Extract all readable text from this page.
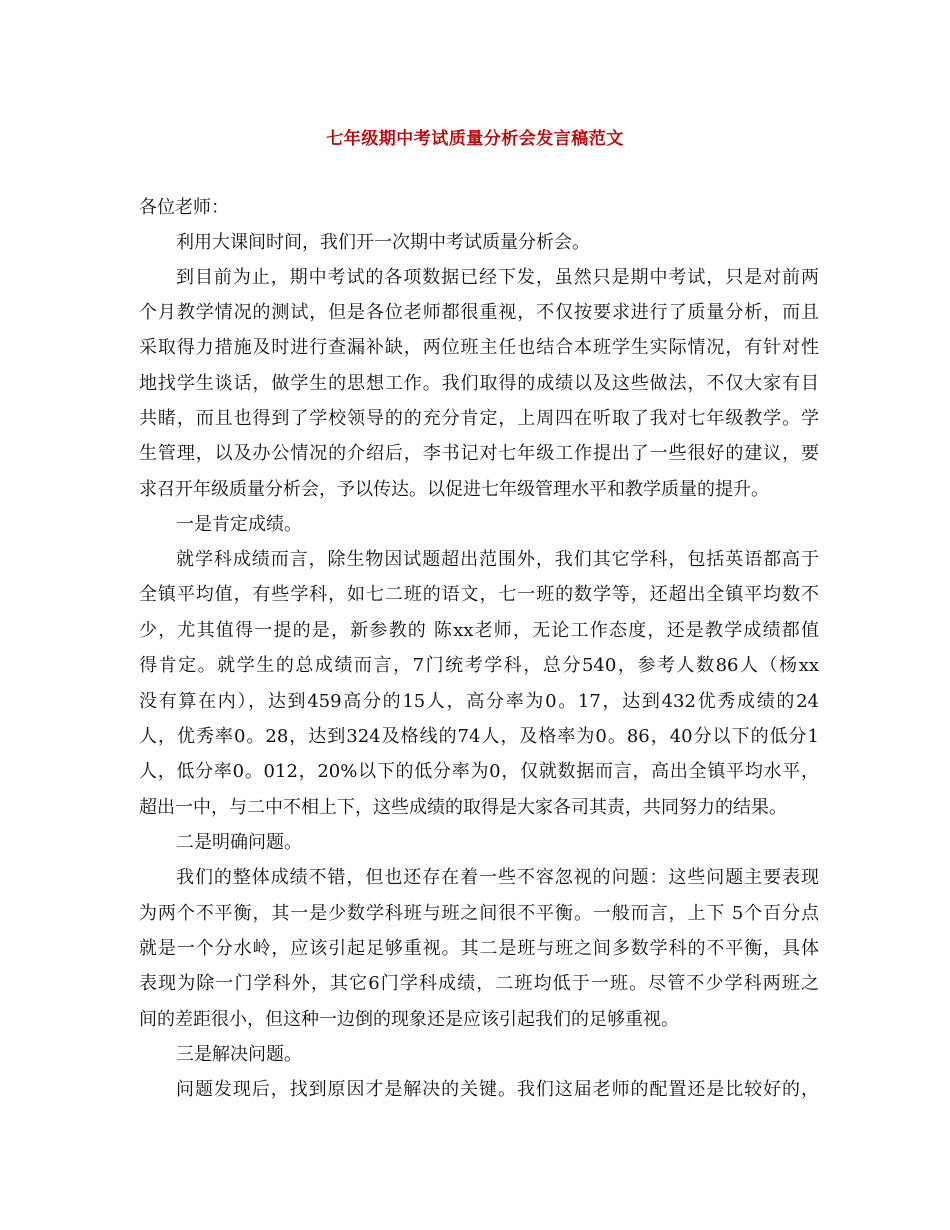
七年级期中考试质量分析会发言稿范文

各位老师：

利用大课间时间，我们开一次期中考试质量分析会。

到目前为止，期中考试的各项数据已经下发，虽然只是期中考试，只是对前两

个月教学情况的测试，但是各位老师都很重视，不仅按要求进行了质量分析，而且

采取得力措施及时进行查漏补缺，两位班主任也结合本班学生实际情况，有针对性

地找学生谈话，做学生的思想工作。我们取得的成绩以及这些做法，不仅大家有目

共睹，而且也得到了学校领导的的充分肯定，上周四在听取了我对七年级教学。学

生管理，以及办公情况的介绍后，李书记对七年级工作提出了一些很好的建议，要

求召开年级质量分析会，予以传达。以促进七年级管理水平和教学质量的提升。

一是肯定成绩。

就学科成绩而言，除生物因试题超出范围外，我们其它学科，包括英语都高于

全镇平均值，有些学科，如七二班的语文，七一班的数学等，还超出全镇平均数不

少，尤其值得一提的是，新参教的 陈xx老师，无论工作态度，还是教学成绩都值

得肯定。就学生的总成绩而言，7门统考学科，总分540，参考人数86人（杨xx

没有算在内），达到459高分的15人，高分率为0。17，达到432优秀成绩的24

人，优秀率0。28，达到324及格线的74人，及格率为0。86，40分以下的低分1

人，低分率0。012，20%以下的低分率为0，仅就数据而言，高出全镇平均水平，

超出一中，与二中不相上下，这些成绩的取得是大家各司其责，共同努力的结果。

二是明确问题。

我们的整体成绩不错，但也还存在着一些不容忽视的问题：这些问题主要表现

为两个不平衡，其一是少数学科班与班之间很不平衡。一般而言，上下 5个百分点

就是一个分水岭，应该引起足够重视。其二是班与班之间多数学科的不平衡，具体

表现为除一门学科外，其它6门学科成绩，二班均低于一班。尽管不少学科两班之

间的差距很小，但这种一边倒的现象还是应该引起我们的足够重视。

三是解决问题。

问题发现后，找到原因才是解决的关键。我们这届老师的配置还是比较好的，
